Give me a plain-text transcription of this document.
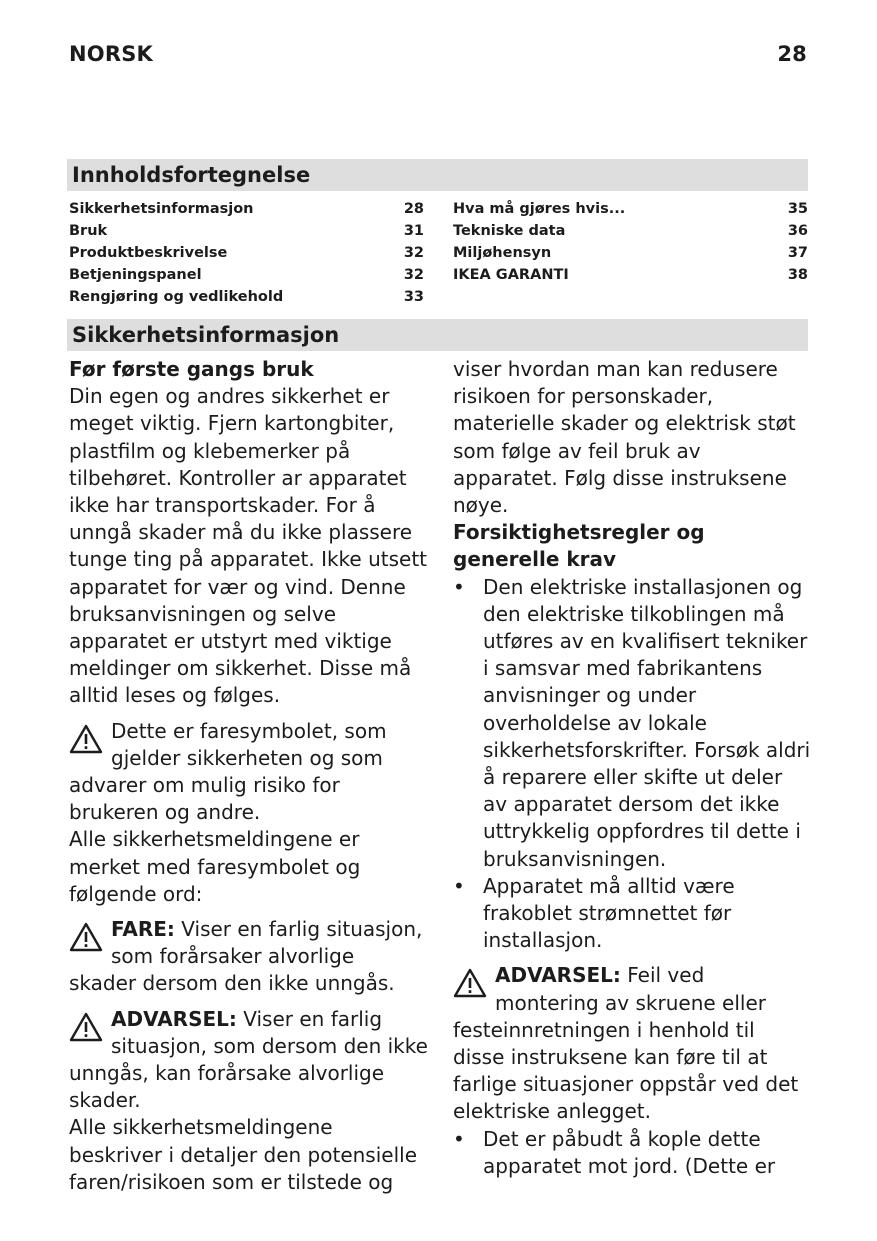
NORSK	28
Innholdsfortegnelse
Sikkerhetsinformasjon	28
Bruk	31
Produktbeskrivelse	32
Betjeningspanel	32
Rengjøring og vedlikehold	33
Hva må gjøres hvis...	35
Tekniske data	36
Miljøhensyn	37
IKEA GARANTI	38
Sikkerhetsinformasjon

Før første gangs bruk

Din egen og andres sikkerhet er meget viktig. Fjern kartongbiter, plastfilm og klebemerker på tilbehøret. Kontroller ar apparatet ikke har transportskader. For å unngå skader må du ikke plassere tunge ting på apparatet. Ikke utsett apparatet for vær og vind. Denne bruksanvisningen og selve apparatet er utstyrt med viktige meldinger om sikkerhet. Disse må alltid leses og følges.

Dette er faresymbolet, som gjelder sikkerheten og som
advarer om mulig risiko for brukeren og andre.

Alle sikkerhetsmeldingene er merket med faresymbolet og følgende ord:

FARE: Viser en farlig situasjon, som forårsaker alvorlige
skader dersom den ikke unngås.
ADVARSEL: Viser en farlig situasjon, som dersom den ikke
unngås, kan forårsake alvorlige skader.

Alle sikkerhetsmeldingene beskriver i detaljer den potensielle faren/risikoen som er tilstede og

viser hvordan man kan redusere risikoen for personskader, materielle skader og elektrisk støt som følge av feil bruk av apparatet. Følg disse instruksene nøye.

Forsiktighetsregler og generelle krav

• Den elektriske installasjonen og den elektriske tilkoblingen må utføres av en kvalifisert tekniker i samsvar med fabrikantens anvisninger og under overholdelse av lokale sikkerhetsforskrifter. Forsøk aldri å reparere eller skifte ut deler av apparatet dersom det ikke uttrykkelig oppfordres til dette i bruksanvisningen.
• Apparatet må alltid være frakoblet strømnettet før installasjon.
ADVARSEL: Feil ved montering av skruene eller
festeinnretningen i henhold til disse instruksene kan føre til at farlige situasjoner oppstår ved det elektriske anlegget.
• Det er påbudt å kople dette apparatet mot jord. (Dette er
